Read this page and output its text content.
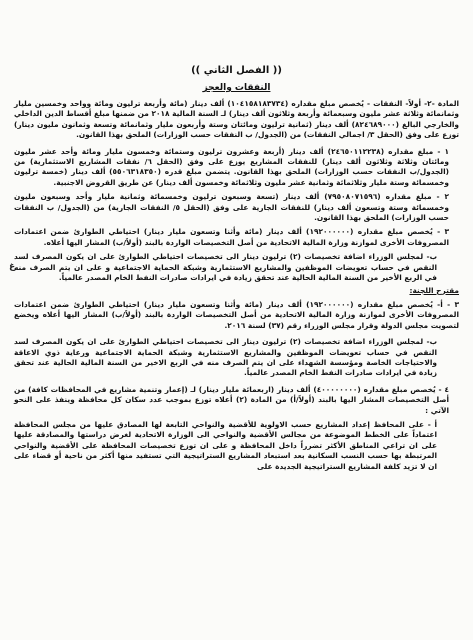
(( الفصل الثاني ))

النفقات والعجز

المادة -٢- أولاً- النفقات - يُخصص مبلغ مقداره (١٠٤١٥٨١٨٣٧٣٤) ألف دينار (مائة وأربعة ترليون ومائة وواحد وخمسين مليار وثمانمائة وثلاثة عشر مليون وسبعمائة وأربعة وثلاثون ألف دينار) لـ السنة المالية ٢٠١٨ من ضمنها مبلغ أقساط الدين الداخلي والخارجي البالغ (٨٢٤٦٨٩٠٠٠) ألف دينار (ثمانية ترليون ومائتان وستة وأربعون مليار وثمانمائة وتسعة وثمانون مليون دينار) توزع على وفق (الحقل ٣/ اجمالي النفقات) من (الجدول/ ب النفقات حسب الوزارات) الملحق بهذا القانون.

١ - مبلغ مقداره (٢٤٦٥٠١١٢٢٣٨) ألف دينار (أربعة وعشرون ترليون وستمائة وخمسون مليار ومائة وأحد عشر مليون ومائتان وثلاثة وثلاثون ألف دينار) للنفقات المشاريع يوزع على وفق (الحقل ٦/ نفقات المشاريع الاستثمارية) من (الجدول/ب النفقات حسب الوزارات) الملحق بهذا القانون. يتضمن مبلغ قدره (٥٥٠٦٣١٨٣٥٠) ألف دينار (خمسة ترليون وخمسمائة وستة مليار وثلاثمائة وثمانية عشر مليون وثلاثمائة وخمسون ألف دينار) عن طريق القروض الاجنبية.

٢ - مبلغ مقداره (٧٩٥٠٨٠٧١٥٩٦) ألف دينار (تسعة وسبعون ترليون وخمسمائة وثمانية مليار وأحد وسبعون مليون وخمسمائة وستة وتسعون ألف دينار) للنفقات الجارية على وفق (الحقل ٥/ النفقات الجارية) من (الجدول/ ب النفقات حسب الوزارات) الملحق بهذا القانون.

٣ - يُخصص مبلغ مقداره (١٩٢٠٠٠٠٠٠) ألف دينار (مائة وأثنا وتسعون مليار دينار) احتياطي الطوارئ ضمن اعتمادات المصروفات الأخرى لموازنة وزارة المالية الاتحادية من أصل التخصيصات الواردة بالبند (أولاً/ب) المشار اليها أعلاه.

ب- لمجلس الوزراء اضافة تخصيصات (٢) ترليون دينار الى تخصيصات احتياطي الطوارئ على ان يكون المصرف لسد النقص في حساب تعويضات الموظفين والمشاريع الاستثمارية وشبكة الحماية الاجتماعية و على ان يتم الصرف منه في الربع الأخير من السنة المالية الحالية عند تحقق زيادة في ايرادات صادرات النفط الخام المصدر عالمياً.

مقترح اللجنة:

٣ - أ- يُخصص مبلغ مقداره (١٩٢٠٠٠٠٠٠) ألف دينار (مائة وأثنا وتسعون مليار دينار) احتياطي الطوارئ ضمن اعتمادات المصروفات الأخرى لموازنة وزارة المالية الاتحادية من أصل التخصيصات الواردة بالبند (أولاً/ب) المشار اليها أعلاه ويخضع لتصويت مجلس الدولة وقرار مجلس الوزراء رقم (٣٧) لسنة ٢٠١٦.

ب- لمجلس الوزراء اضافة تخصيصات (٢) ترليون دينار الى تخصيصات احتياطي الطوارئ على ان يكون المصرف لسد النقص في حساب تعويضات الموظفين والمشاريع الاستثمارية وشبكة الحماية الاجتماعية ورعاية ذوي الاعاقة والاحتياجات الخاصة ومؤسسة الشهداء على ان يتم الصرف منه في الربع الاخير من السنة المالية الحالية عند تحقق زيادة في ايرادات صادرات النفط الخام المصدر عالمياً.

٤ - يُخصص مبلغ مقداره (٤٠٠٠٠٠٠٠٠) ألف دينار (اربعمائة مليار دينار) لـ (إعمار وتنمية مشاريع في المحافظات كافة) من أصل التخصيصات المشار اليها بالبند (أولاً/أ) من المادة (٢) أعلاه توزع بموجب عدد سكان كل محافظة وينفذ على النحو الآتي :

أ - على المحافظ إعداد المشاريع حسب الاولوية للأقضية والنواحي التابعة لها المصادق عليها من مجلس المحافظة اعتماداً على الخطط الموضوعة من مجالس الأقضية والنواحي الى الوزارة الاتحادية لغرض دراستها والمصادقة عليها على ان تراعي المناطق الأكثر تضرراً داخل المحافظة و على ان توزع تخصيصات المحافظة على الأقضية والنواحي المرتبطة بها حسب النسب السكانية بعد استبعاد المشاريع الستراتيجية التي تستفيد منها أكثر من ناحية أو قضاء على ان لا تزيد كلفة المشاريع الستراتيجية الجديدة على

غ
